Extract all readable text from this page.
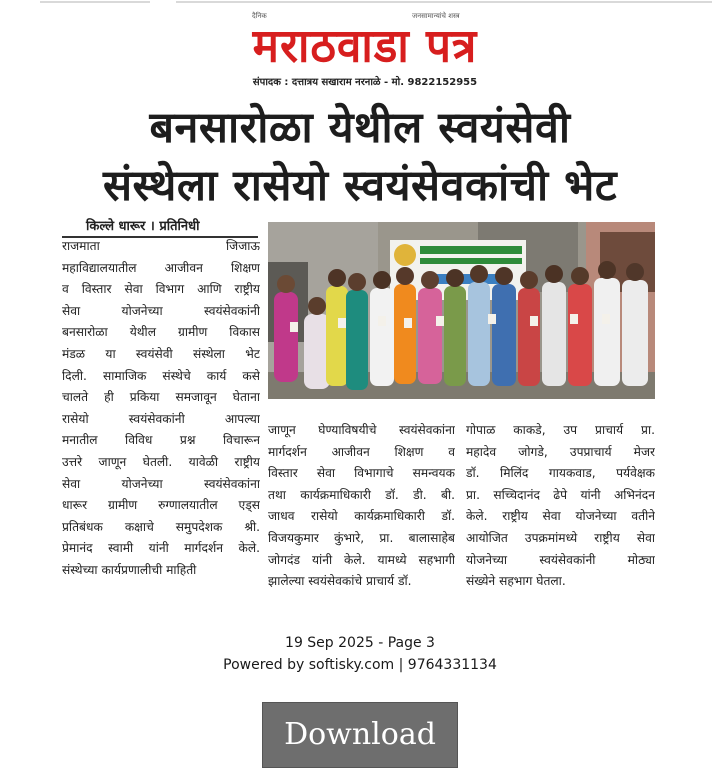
दैनिक	जनसामान्यांचे शस्त्र
मराठवाडा पत्र
संपादक : दत्तात्रय सखाराम नरनाळे - मो. 9822152955
बनसारोळा येथील स्वयंसेवी
संस्थेला रासेयो स्वयंसेवकांची भेट
किल्ले धारूर । प्रतिनिधी
राजमाता जिजाऊ
महाविद्यालयातील आजीवन शिक्षण
व विस्तार सेवा विभाग आणि राष्ट्रीय
सेवा योजनेच्या स्वयंसेवकांनी
बनसारोळा येथील ग्रामीण विकास
मंडळ या स्वयंसेवी संस्थेला भेट
दिली. सामाजिक संस्थेचे कार्य कसे
चालते ही प्रकिया समजावून घेताना
रासेयो स्वयंसेवकांनी आपल्या
मनातील विविध प्रश्न विचारून
उत्तरे जाणून घेतली. यावेळी राष्ट्रीय
सेवा योजनेच्या स्वयंसेवकांना
धारूर ग्रामीण रुग्णालयातील एड्स
प्रतिबंधक कक्षाचे समुपदेशक श्री.
प्रेमानंद स्वामी यांनी मार्गदर्शन केले.
संस्थेच्या कार्यप्रणालीची माहिती
जाणून घेण्याविषयीचे स्वयंसेवकांना
मार्गदर्शन आजीवन शिक्षण व
विस्तार सेवा विभागाचे समन्वयक
तथा कार्यक्रमाधिकारी डॉ. डी. बी.
जाधव रासेयो कार्यक्रमाधिकारी डॉ.
विजयकुमार कुंभारे, प्रा. बालासाहेब
जोगदंड यांनी केले. यामध्ये सहभागी
झालेल्या स्वयंसेवकांचे प्राचार्य डॉ.
गोपाळ काकडे, उप प्राचार्य प्रा.
महादेव जोगडे, उपप्राचार्य मेजर
डॉ. मिलिंद गायकवाड, पर्यवेक्षक
प्रा. सच्चिदानंद ढेपे यांनी अभिनंदन
केले. राष्ट्रीय सेवा योजनेच्या वतीने
आयोजित उपक्रमांमध्ये राष्ट्रीय सेवा
योजनेच्या स्वयंसेवकांनी मोठ्या
संख्येने सहभाग घेतला.
19 Sep 2025 - Page 3
Powered by softisky.com | 9764331134
Download
